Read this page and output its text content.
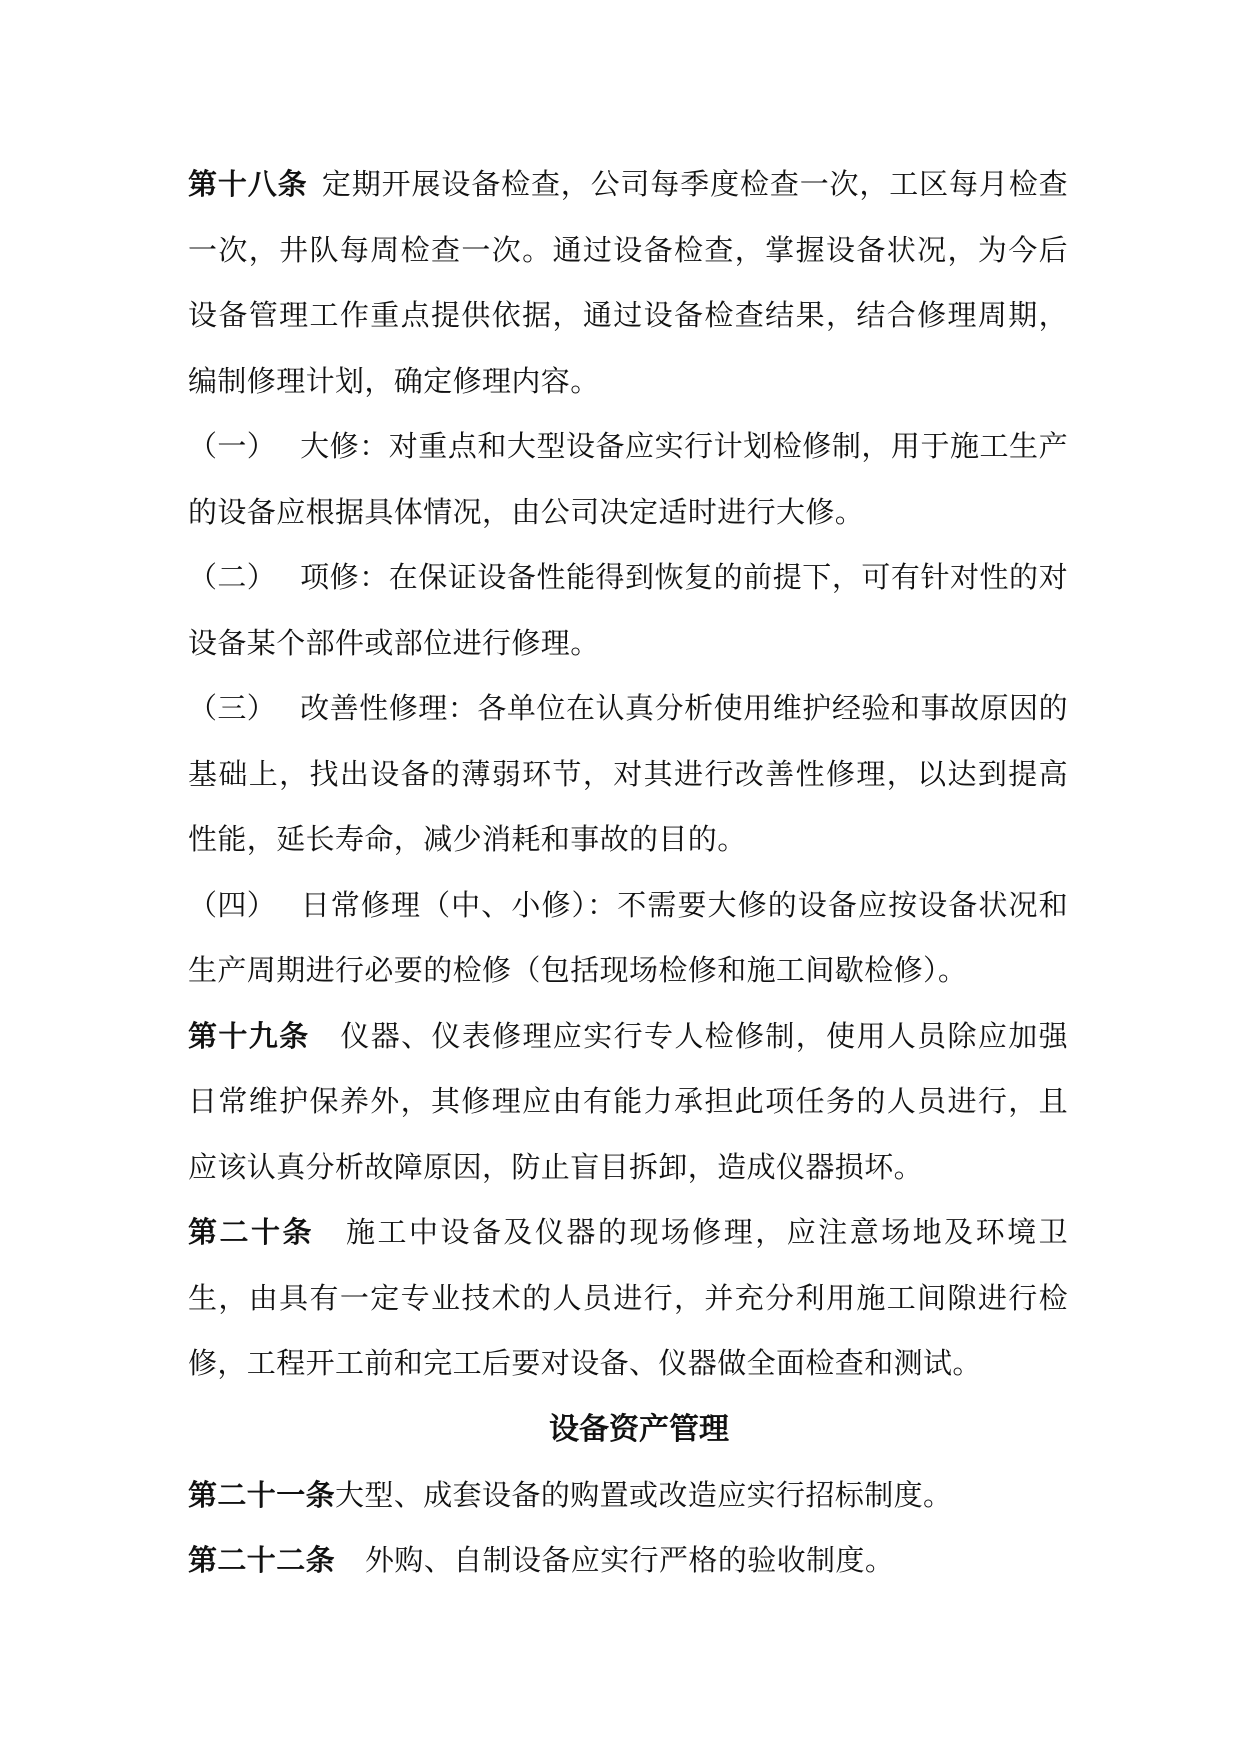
第十八条 定期开展设备检查，公司每季度检查一次，工区每月检查一次，井队每周检查一次。通过设备检查，掌握设备状况，为今后设备管理工作重点提供依据，通过设备检查结果，结合修理周期，编制修理计划，确定修理内容。

（一） 大修：对重点和大型设备应实行计划检修制，用于施工生产的设备应根据具体情况，由公司决定适时进行大修。

（二） 项修：在保证设备性能得到恢复的前提下，可有针对性的对设备某个部件或部位进行修理。

（三） 改善性修理：各单位在认真分析使用维护经验和事故原因的基础上，找出设备的薄弱环节，对其进行改善性修理，以达到提高性能，延长寿命，减少消耗和事故的目的。

（四） 日常修理（中、小修）：不需要大修的设备应按设备状况和生产周期进行必要的检修（包括现场检修和施工间歇检修）。

第十九条 仪器、仪表修理应实行专人检修制，使用人员除应加强日常维护保养外，其修理应由有能力承担此项任务的人员进行，且应该认真分析故障原因，防止盲目拆卸，造成仪器损坏。

第二十条 施工中设备及仪器的现场修理，应注意场地及环境卫生，由具有一定专业技术的人员进行，并充分利用施工间隙进行检修，工程开工前和完工后要对设备、仪器做全面检查和测试。

设备资产管理

第二十一条大型、成套设备的购置或改造应实行招标制度。

第二十二条 外购、自制设备应实行严格的验收制度。
